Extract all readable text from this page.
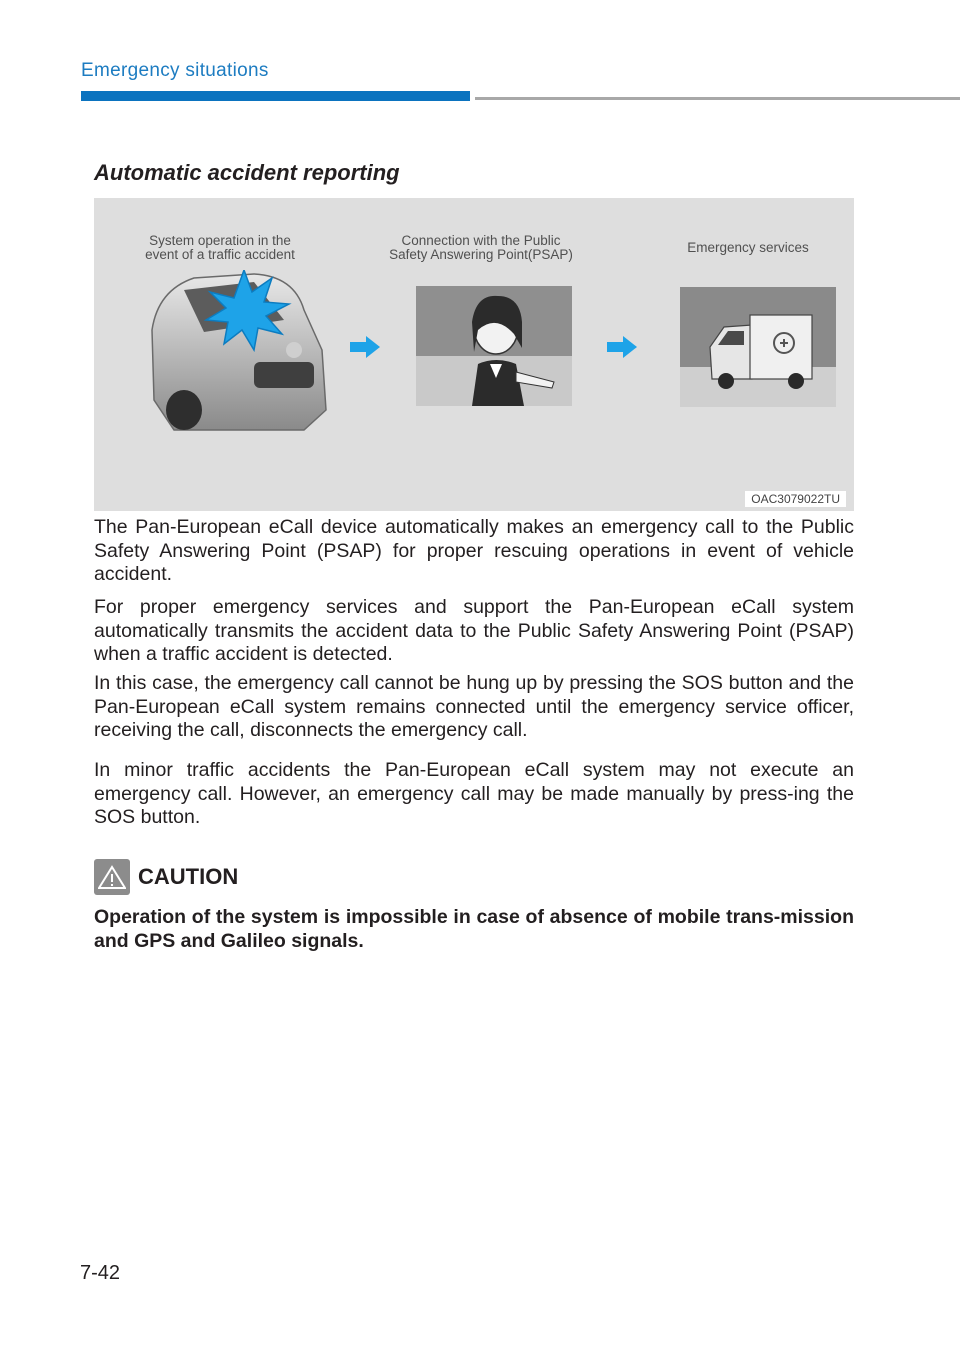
Emergency situations
Automatic accident reporting
System operation in the event of a traffic accident
Connection with the Public Safety Answering Point(PSAP)	Emergency services
OAC3079022TU

The Pan-European eCall device automatically makes an emergency call to the Public Safety Answering Point (PSAP) for proper rescuing operations in event of vehicle accident.

For proper emergency services and support the Pan-European eCall system automatically transmits the accident data to the Public Safety Answering Point (PSAP) when a traffic accident is detected.

In this case, the emergency call cannot be hung up by pressing the SOS button and the Pan-European eCall system remains connected until the emergency service officer, receiving the call, disconnects the emergency call.

In minor traffic accidents the Pan-European eCall system may not execute an emergency call. However, an emergency call may be made manually by press-ing the SOS button.

CAUTION

Operation of the system is impossible in case of absence of mobile trans-mission and GPS and Galileo signals.

7-42
